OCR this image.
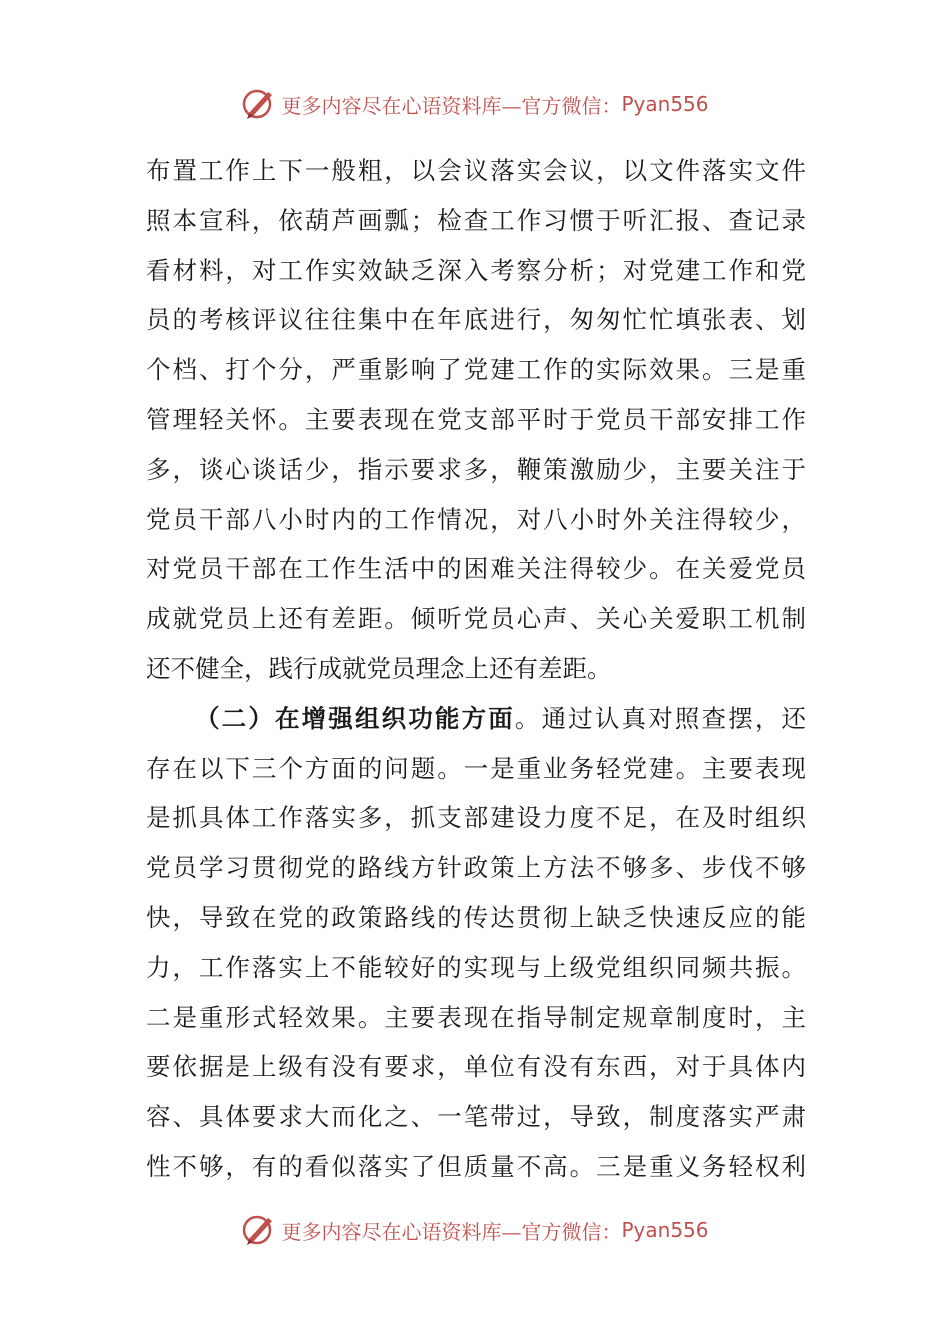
更多内容尽在心语资料库—官方微信： Pyan556
布置工作上下一般粗，以会议落实会议，以文件落实文件
照本宣科，依葫芦画瓢；检查工作习惯于听汇报、查记录
看材料，对工作实效缺乏深入考察分析；对党建工作和党
员的考核评议往往集中在年底进行，匆匆忙忙填张表、划
个档、打个分，严重影响了党建工作的实际效果。三是重
管理轻关怀。主要表现在党支部平时于党员干部安排工作
多，谈心谈话少，指示要求多，鞭策激励少，主要关注于
党员干部八小时内的工作情况，对八小时外关注得较少，
对党员干部在工作生活中的困难关注得较少。在关爱党员
成就党员上还有差距。倾听党员心声、关心关爱职工机制
还不健全，践行成就党员理念上还有差距。
（二）在增强组织功能方面。通过认真对照查摆，还
存在以下三个方面的问题。一是重业务轻党建。主要表现
是抓具体工作落实多，抓支部建设力度不足，在及时组织
党员学习贯彻党的路线方针政策上方法不够多、步伐不够
快，导致在党的政策路线的传达贯彻上缺乏快速反应的能
力，工作落实上不能较好的实现与上级党组织同频共振。
二是重形式轻效果。主要表现在指导制定规章制度时，主
要依据是上级有没有要求，单位有没有东西，对于具体内
容、具体要求大而化之、一笔带过，导致，制度落实严肃
性不够，有的看似落实了但质量不高。三是重义务轻权利
更多内容尽在心语资料库—官方微信： Pyan556
